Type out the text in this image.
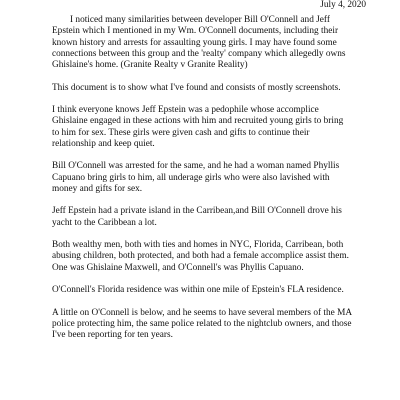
July 4, 2020

I noticed many similarities between developer Bill O'Connell and Jeff Epstein which I mentioned in my Wm. O'Connell documents, including their known history and arrests for assaulting young girls. I may have found some connections between this group and the 'realty' company which allegedly owns Ghislaine's home. (Granite Realty v Granite Reality)

This document is to show what I've found and consists of mostly screenshots.

I think everyone knows Jeff Epstein was a pedophile whose accomplice Ghislaine engaged in these actions with him and recruited young girls to bring to him for sex. These girls were given cash and gifts to continue their relationship and keep quiet.

Bill O'Connell was arrested for the same, and he had a woman named Phyllis Capuano bring girls to him, all underage girls who were also lavished with money and gifts for sex.

Jeff Epstein had a private island in the Carribean,and Bill O'Connell drove his yacht to the Caribbean a lot.

Both wealthy men, both with ties and homes in NYC, Florida, Carribean, both abusing children, both protected, and both had a female accomplice assist them. One was Ghislaine Maxwell, and O'Connell's was Phyllis Capuano.

O'Connell's Florida residence was within one mile of Epstein's FLA residence.

A little on O'Connell is below, and he seems to have several members of the MA police protecting him, the same police related to the nightclub owners, and those I've been reporting for ten years.
